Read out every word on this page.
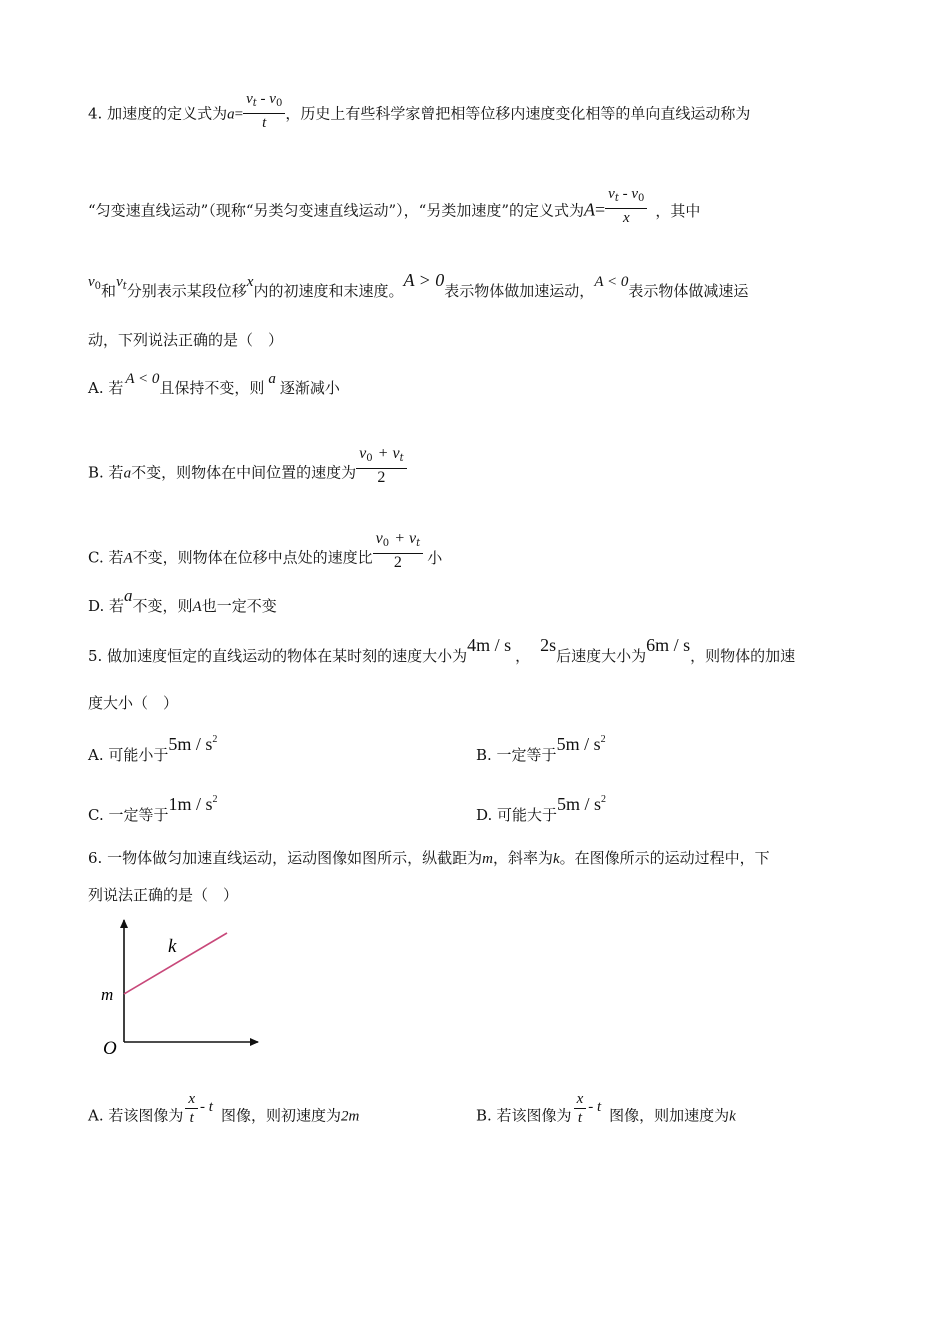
4. 加速度的定义式为$a= \frac{v_t - v_0}{t}$ ，历史上有些科学家曾把相等位移内速度变化相等的单向直线运动称为
“匀变速直线运动”（现称“另类匀变速直线运动”），“另类加速度”的定义式为$A= \frac{v_t - v_0}{x}$ ，其中
$v_0$和$v_t$分别表示某段位移x内的初速度和末速度。A > 0表示物体做加速运动，A < 0表示物体做减速运
动，下列说法正确的是（　）
A. 若 A < 0且保持不变，则 a 逐渐减小
B. 若a不变，则物体在中间位置的速度为 $\frac{v0 + v_t}{2}$
C. 若A不变，则物体在位移中点处的速度比 $\frac{v0 + v_t}{2}$ 小
D. 若a不变，则A也一定不变
5. 做加速度恒定的直线运动的物体在某时刻的速度大小为4m / s，2s后速度大小为6m / s，则物体的加速
度大小（　）
A. 可能小于$5m / s^2$
B. 一定等于$5m / s^2$
C. 一定等于$1m / s^2$
D. 可能大于$5m / s^2$
6. 一物体做匀加速直线运动，运动图像如图所示，纵截距为m，斜率为k。在图像所示的运动过程中，下
列说法正确的是（　）
k
m
O
A. 若该图像为 $\frac{x}{t}$ - t 图像，则初速度为2m	B. 若该图像为 $\frac{x}{t}$ - t 图像，则加速度为k
